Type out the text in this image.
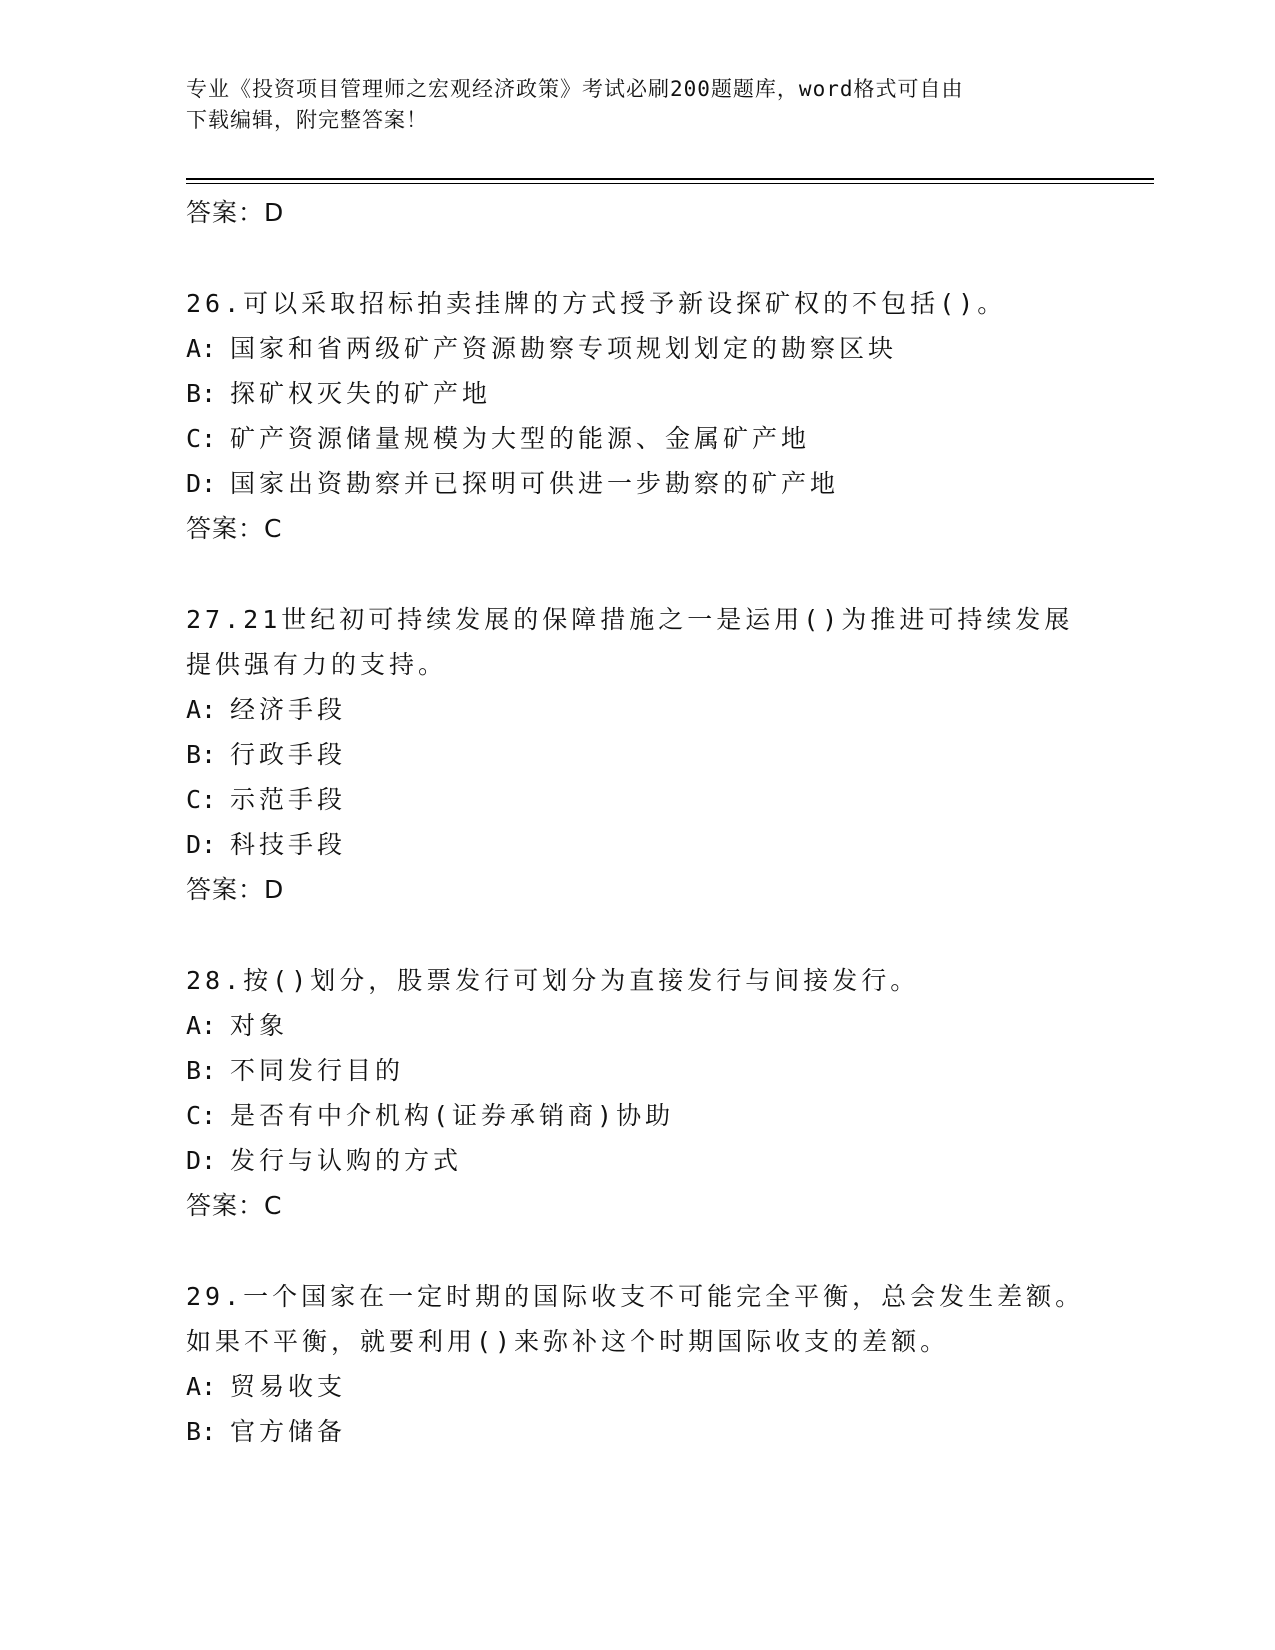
专业《投资项目管理师之宏观经济政策》考试必刷200题题库，word格式可自由
下载编辑，附完整答案！
答案：D
26.可以采取招标拍卖挂牌的方式授予新设探矿权的不包括()。
A: 国家和省两级矿产资源勘察专项规划划定的勘察区块
B: 探矿权灭失的矿产地
C: 矿产资源储量规模为大型的能源、金属矿产地
D: 国家出资勘察并已探明可供进一步勘察的矿产地
答案：C
27.21世纪初可持续发展的保障措施之一是运用()为推进可持续发展提供强有力的支持。
A: 经济手段
B: 行政手段
C: 示范手段
D: 科技手段
答案：D
28.按()划分，股票发行可划分为直接发行与间接发行。
A: 对象
B: 不同发行目的
C: 是否有中介机构(证券承销商)协助
D: 发行与认购的方式
答案：C
29.一个国家在一定时期的国际收支不可能完全平衡，总会发生差额。如果不平衡，就要利用()来弥补这个时期国际收支的差额。
A: 贸易收支
B: 官方储备
